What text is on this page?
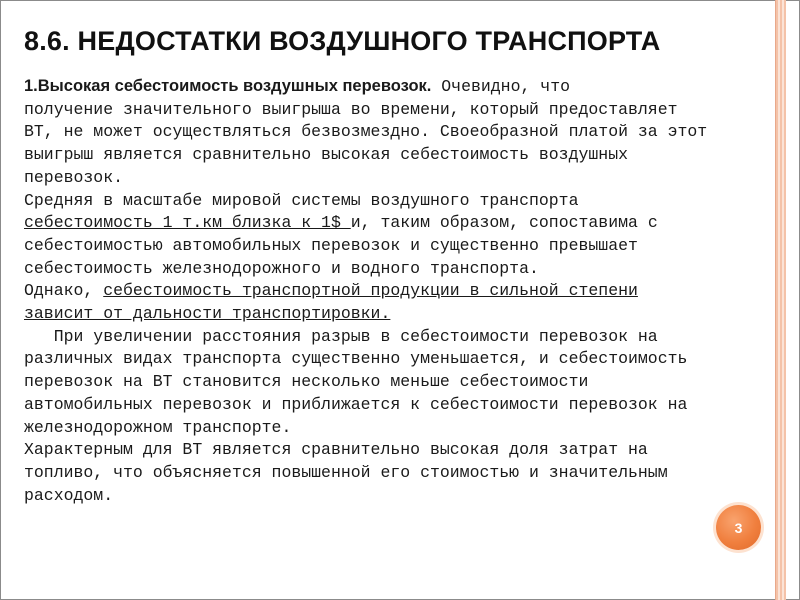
8.6. НЕДОСТАТКИ ВОЗДУШНОГО ТРАНСПОРТА
1.Высокая себестоимость воздушных перевозок. Очевидно, что
получение значительного выигрыша во времени, который предоставляет
ВТ, не может осуществляться безвозмездно. Своеобразной платой за этот
выигрыш является сравнительно высокая себестоимость воздушных
перевозок.
Средняя в масштабе мировой системы воздушного транспорта
себестоимость 1 т.км близка к 1$ и, таким образом, сопоставима с
себестоимостью автомобильных перевозок и существенно превышает
себестоимость железнодорожного и водного транспорта.
Однако, себестоимость транспортной продукции в сильной степени
зависит от дальности транспортировки.
При увеличении расстояния разрыв в себестоимости перевозок на
различных видах транспорта существенно уменьшается, и себестоимость
перевозок на ВТ становится несколько меньше себестоимости
автомобильных перевозок и приближается к себестоимости перевозок на
железнодорожном транспорте.
Характерным для ВТ является сравнительно высокая доля затрат на
топливо, что объясняется повышенной его стоимостью и значительным
расходом.
3
